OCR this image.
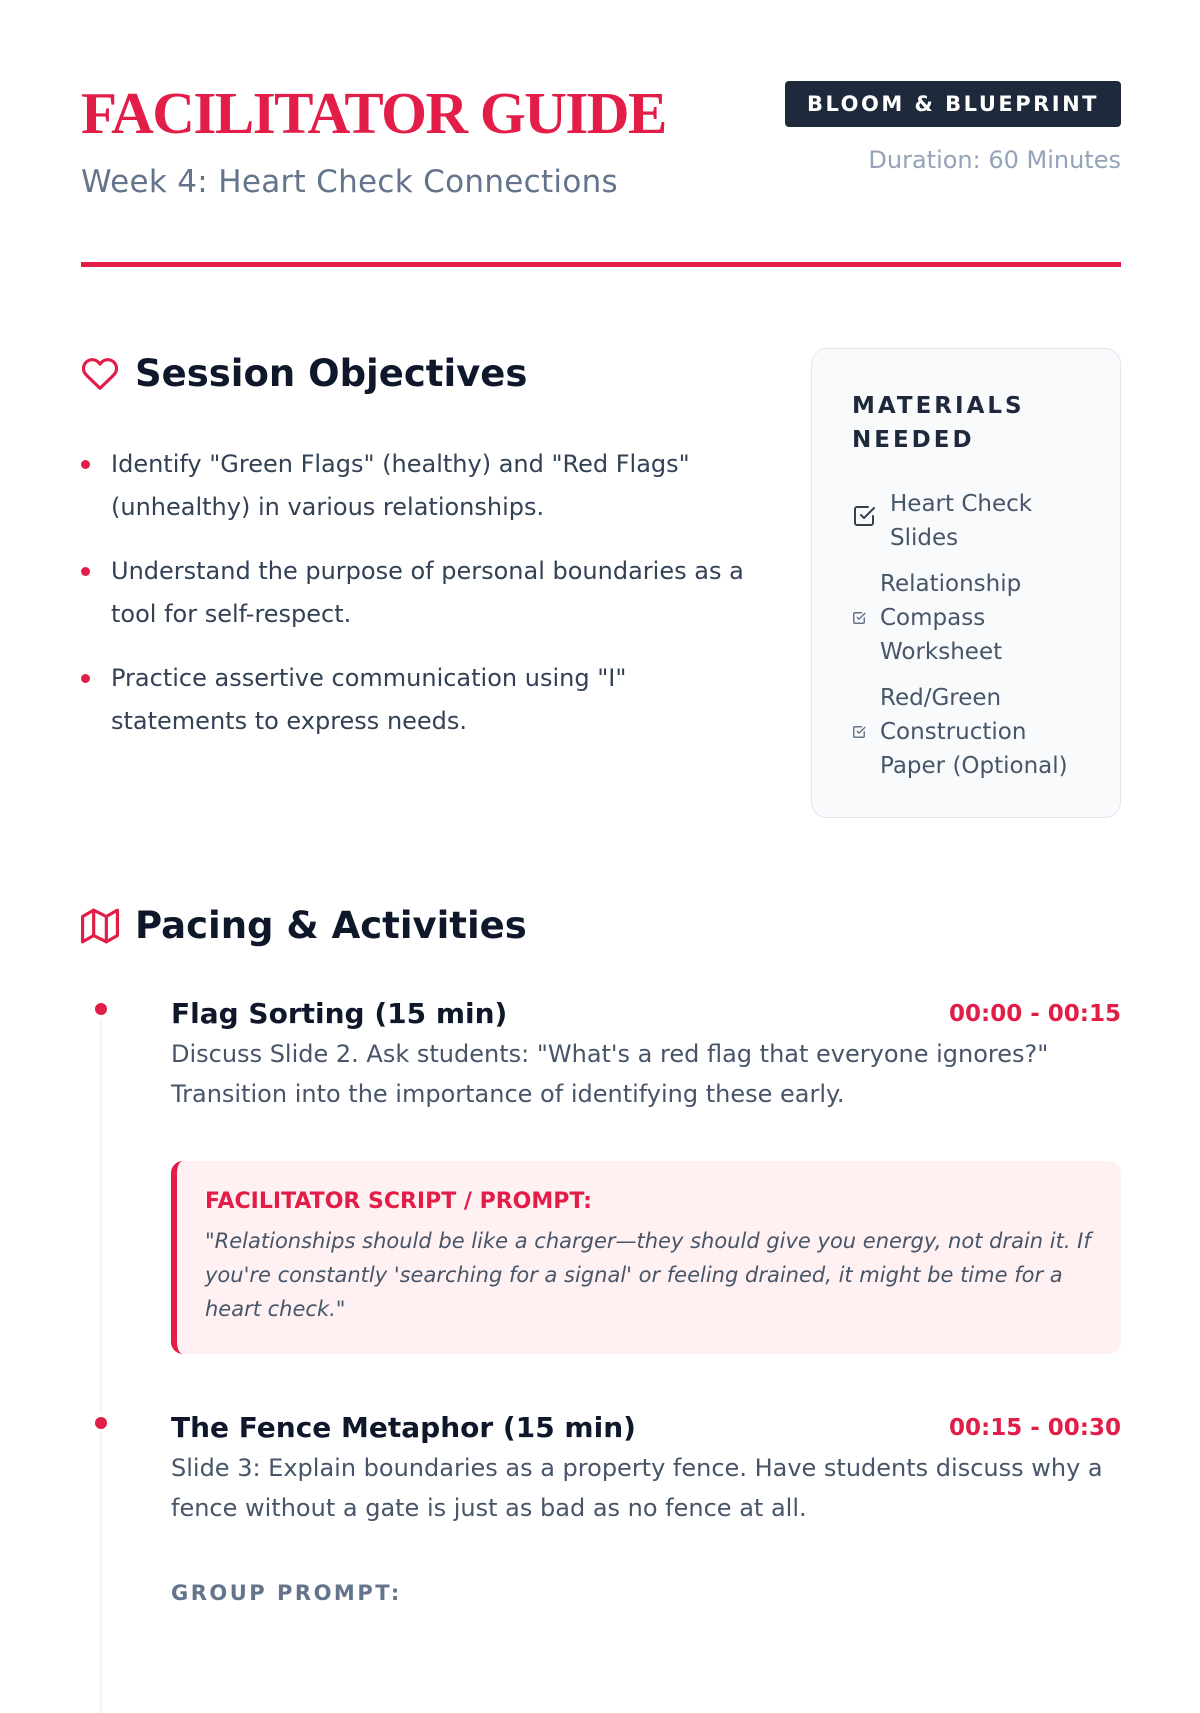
FACILITATOR GUIDE

Week 4: Heart Check Connections

BLOOM & BLUEPRINT
Duration: 60 Minutes
Session Objectives
Identify "Green Flags" (healthy) and "Red Flags" (unhealthy) in various relationships.
Understand the purpose of personal boundaries as a tool for self-respect.
Practice assertive communication using "I" statements to express needs.
MATERIALS NEEDED
Heart Check Slides
Relationship Compass Worksheet
Red/Green Construction Paper (Optional)
Pacing & Activities
Flag Sorting (15 min)	00:00 - 00:15

Discuss Slide 2. Ask students: "What's a red flag that everyone ignores?" Transition into the importance of identifying these early.

FACILITATOR SCRIPT / PROMPT:

"Relationships should be like a charger—they should give you energy, not drain it. If you're constantly 'searching for a signal' or feeling drained, it might be time for a heart check."

The Fence Metaphor (15 min)	00:15 - 00:30

Slide 3: Explain boundaries as a property fence. Have students discuss why a fence without a gate is just as bad as no fence at all.

GROUP PROMPT:
